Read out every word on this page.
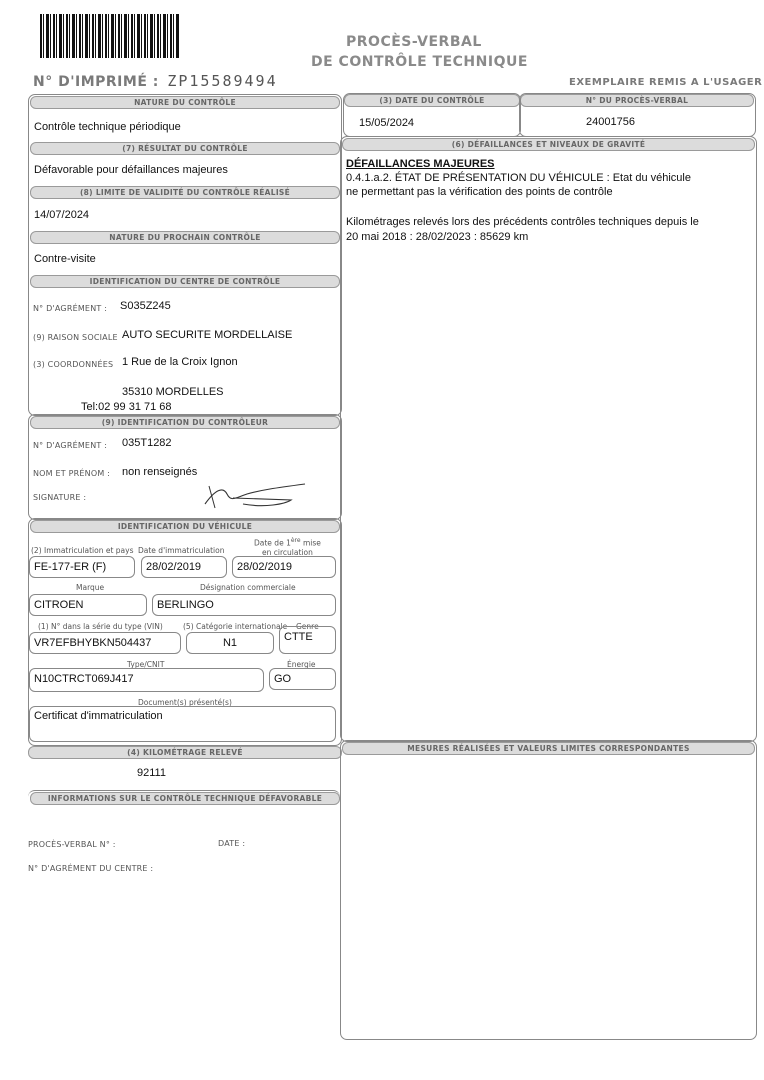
PROCÈS-VERBAL
DE CONTRÔLE TECHNIQUE
N° D'IMPRIMÉ : ZP15589494	EXEMPLAIRE REMIS A L'USAGER
NATURE DU CONTRÔLE
Contrôle technique périodique
(7) RÉSULTAT DU CONTRÔLE
Défavorable pour défaillances majeures
(8) LIMITE DE VALIDITÉ DU CONTRÔLE RÉALISÉ
14/07/2024
NATURE DU PROCHAIN CONTRÔLE
Contre-visite
IDENTIFICATION DU CENTRE DE CONTRÔLE
N° D'AGRÉMENT : S035Z245
(9) RAISON SOCIALE AUTO SECURITE MORDELLAISE
(3) COORDONNÉES 1 Rue de la Croix Ignon
35310 MORDELLES
Tel:02 99 31 71 68
(9) IDENTIFICATION DU CONTRÔLEUR
N° D'AGRÉMENT : 035T1282
NOM ET PRÉNOM : non renseignés
SIGNATURE :
IDENTIFICATION DU VÉHICULE
(2) Immatriculation et pays Date d'immatriculation
Date de 1ère mise
en circulation
FE-177-ER (F)	28/02/2019	28/02/2019
Marque	Désignation commerciale
CITROEN	BERLINGO
(1) N° dans la série du type (VIN)	(5) Catégorie internationale Genre
VR7EFBHYBKN504437	N1	CTTE
Type/CNIT	Énergie
N10CTRCT069J417	GO
Document(s) présenté(s)
Certificat d'immatriculation
(4) KILOMÉTRAGE RELEVÉ
92111
INFORMATIONS SUR LE CONTRÔLE TECHNIQUE DÉFAVORABLE
PROCÈS-VERBAL N° :	DATE :
N° D'AGRÉMENT DU CENTRE :
(3) DATE DU CONTRÔLE	N° DU PROCÈS-VERBAL
15/05/2024	24001756
(6) DÉFAILLANCES ET NIVEAUX DE GRAVITÉ
DÉFAILLANCES MAJEURES
0.4.1.a.2. ÉTAT DE PRÉSENTATION DU VÉHICULE : Etat du véhicule
ne permettant pas la vérification des points de contrôle
Kilométrages relevés lors des précédents contrôles techniques depuis le
20 mai 2018 : 28/02/2023 : 85629 km
MESURES RÉALISÉES ET VALEURS LIMITES CORRESPONDANTES
